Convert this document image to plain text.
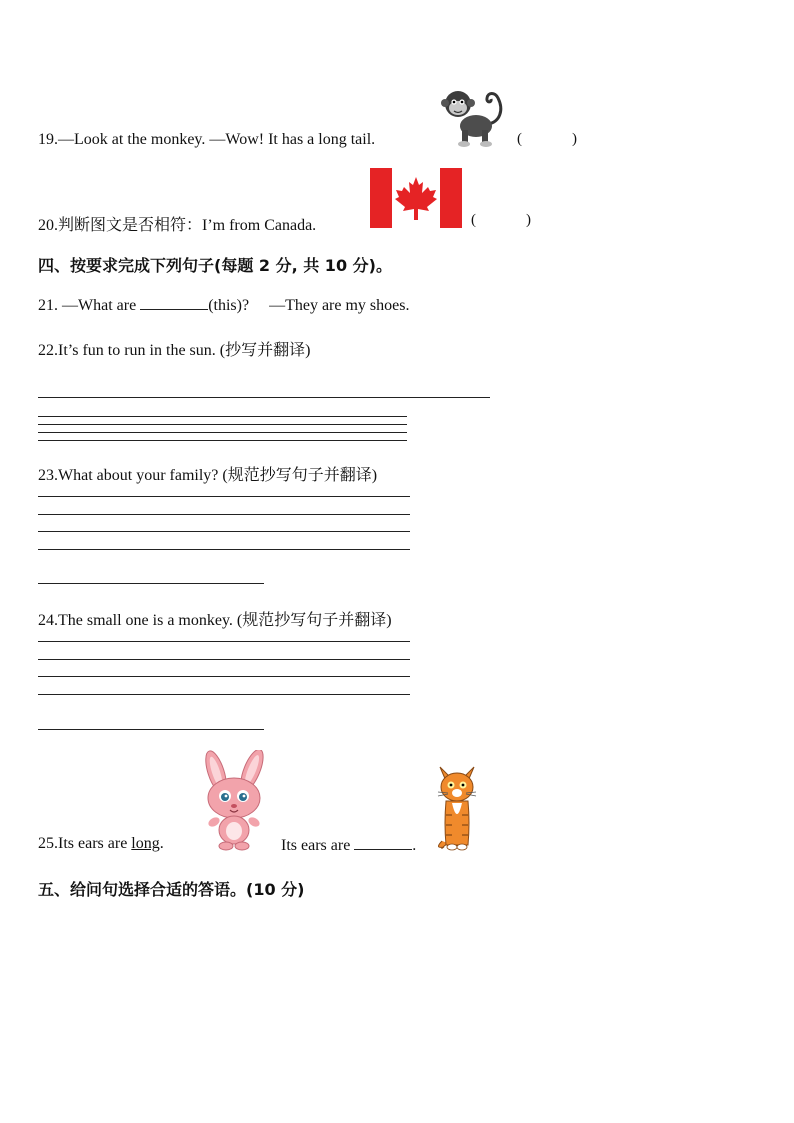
19.—Look at the monkey. —Wow! It has a long tail.	(	)
20.判断图文是否相符：I’m from Canada.	(	)
四、按要求完成下列句子(每题 2 分, 共 10 分)。
21. —What are	(this)? —They are my shoes.
22.It’s fun to run in the sun. (抄写并翻译)
23.What about your family? (规范抄写句子并翻译)
24.The small one is a monkey. (规范抄写句子并翻译)
25.Its ears are long.	Its ears are	.
五、给问句选择合适的答语。(10 分)
